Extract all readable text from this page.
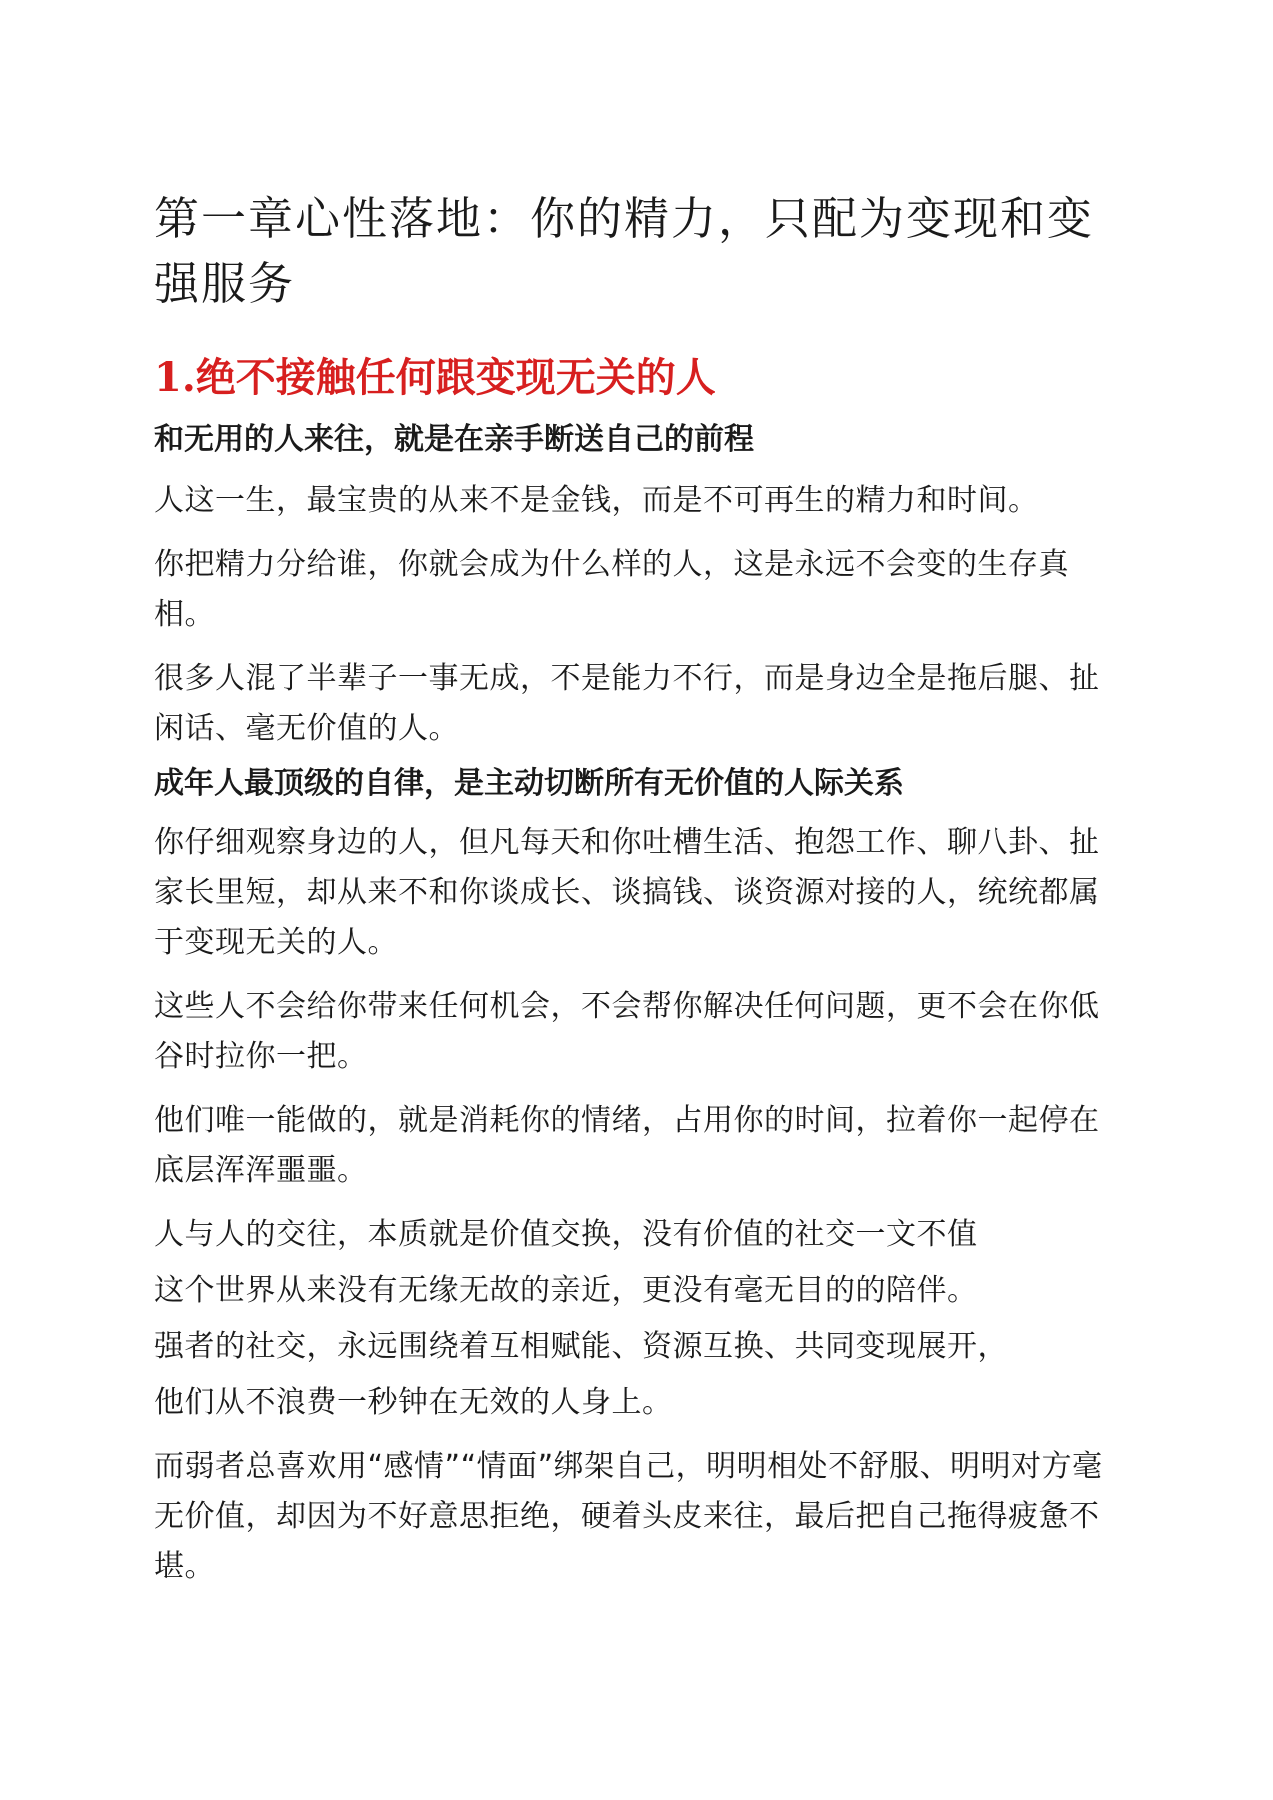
第一章心性落地：你的精力，只配为变现和变强服务
1.绝不接触任何跟变现无关的人
和无用的人来往，就是在亲手断送自己的前程

人这一生，最宝贵的从来不是金钱，而是不可再生的精力和时间。

你把精力分给谁，你就会成为什么样的人，这是永远不会变的生存真相。

很多人混了半辈子一事无成，不是能力不行，而是身边全是拖后腿、扯闲话、毫无价值的人。

成年人最顶级的自律，是主动切断所有无价值的人际关系

你仔细观察身边的人，但凡每天和你吐槽生活、抱怨工作、聊八卦、扯家长里短，却从来不和你谈成长、谈搞钱、谈资源对接的人，统统都属于变现无关的人。

这些人不会给你带来任何机会，不会帮你解决任何问题，更不会在你低谷时拉你一把。

他们唯一能做的，就是消耗你的情绪，占用你的时间，拉着你一起停在底层浑浑噩噩。

人与人的交往，本质就是价值交换，没有价值的社交一文不值

这个世界从来没有无缘无故的亲近，更没有毫无目的的陪伴。

强者的社交，永远围绕着互相赋能、资源互换、共同变现展开，

他们从不浪费一秒钟在无效的人身上。

而弱者总喜欢用“感情”“情面”绑架自己，明明相处不舒服、明明对方毫无价值，却因为不好意思拒绝，硬着头皮来往，最后把自己拖得疲惫不堪。
